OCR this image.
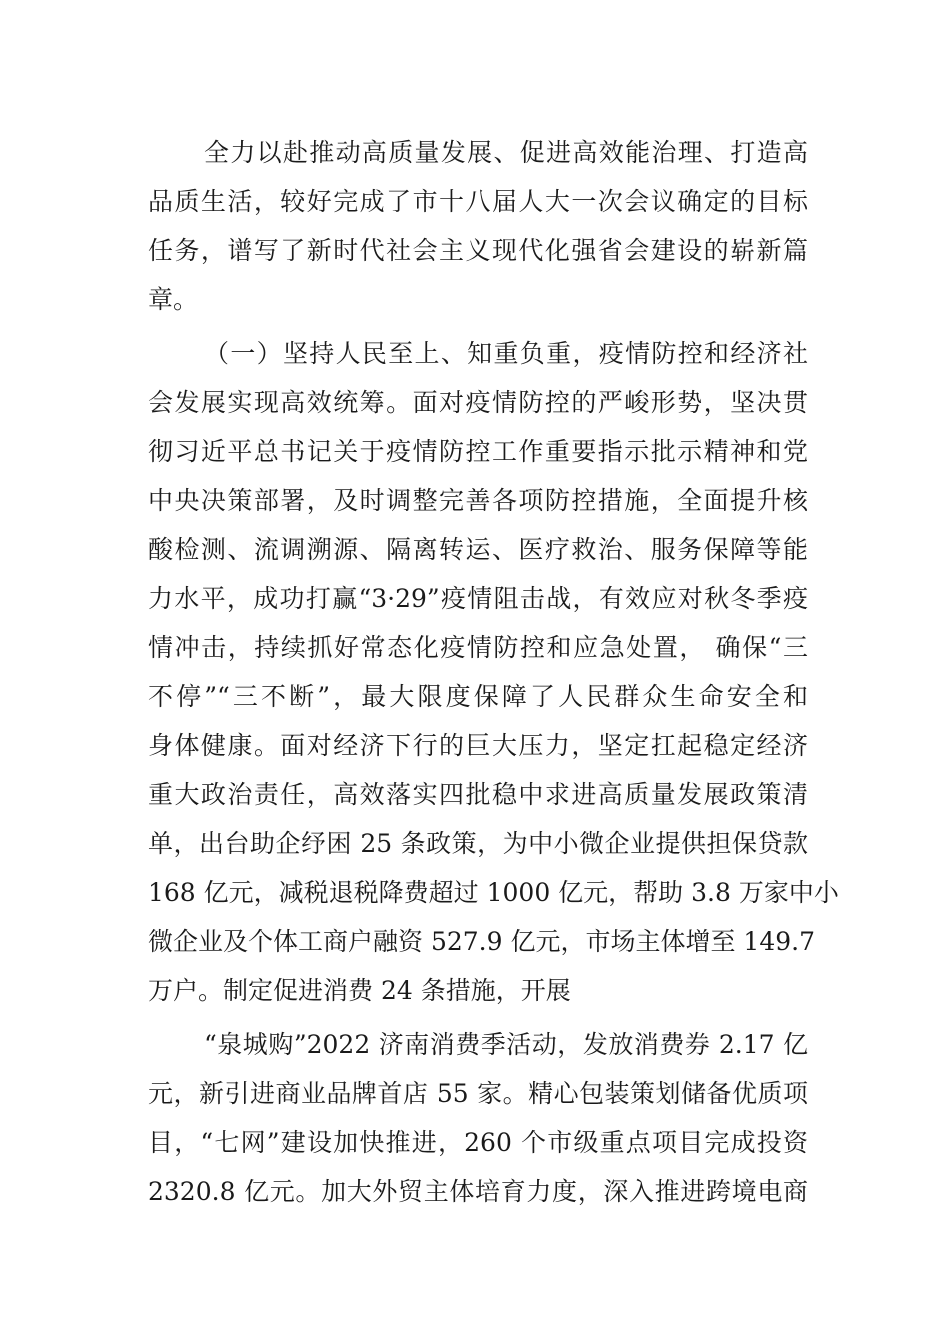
全力以赴推动高质量发展、促进高效能治理、打造高
品质生活，较好完成了市十八届人大一次会议确定的目标
任务，谱写了新时代社会主义现代化强省会建设的崭新篇
章。
（一）坚持人民至上、知重负重，疫情防控和经济社
会发展实现高效统筹。面对疫情防控的严峻形势，坚决贯
彻习近平总书记关于疫情防控工作重要指示批示精神和党
中央决策部署，及时调整完善各项防控措施，全面提升核
酸检测、流调溯源、隔离转运、医疗救治、服务保障等能
力水平，成功打赢“3·29”疫情阻击战，有效应对秋冬季疫
情冲击，持续抓好常态化疫情防控和应急处置， 确保“三
不停”“三不断”，最大限度保障了人民群众生命安全和
身体健康。面对经济下行的巨大压力，坚定扛起稳定经济
重大政治责任，高效落实四批稳中求进高质量发展政策清
单，出台助企纾困 25 条政策，为中小微企业提供担保贷款
168 亿元，减税退税降费超过 1000 亿元，帮助 3.8 万家中小
微企业及个体工商户融资 527.9 亿元，市场主体增至 149.7
万户。制定促进消费 24 条措施，开展
“泉城购”2022 济南消费季活动，发放消费券 2.17 亿
元，新引进商业品牌首店 55 家。精心包装策划储备优质项
目，“七网”建设加快推进，260 个市级重点项目完成投资
2320.8 亿元。加大外贸主体培育力度，深入推进跨境电商
